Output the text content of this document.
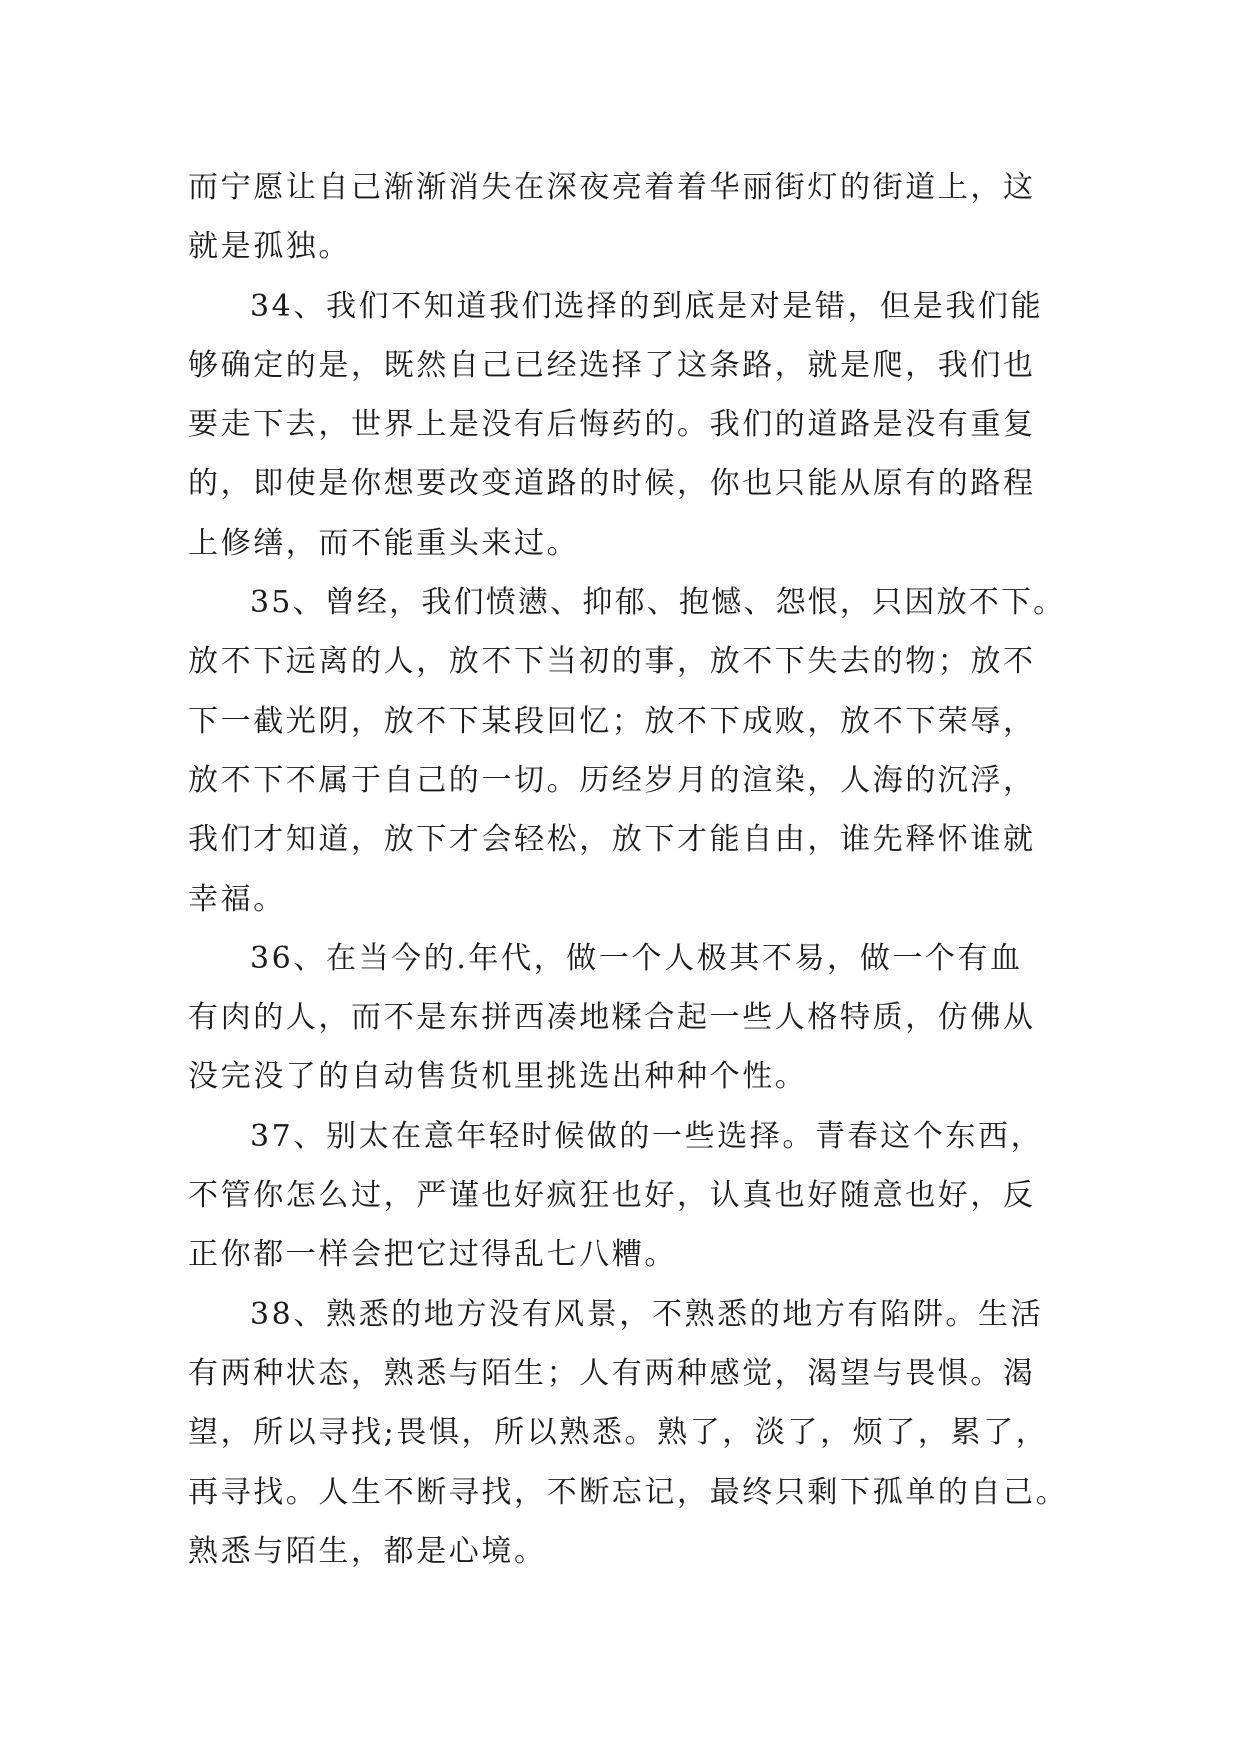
而宁愿让自己渐渐消失在深夜亮着着华丽街灯的街道上，这
就是孤独。
34、我们不知道我们选择的到底是对是错，但是我们能
够确定的是，既然自己已经选择了这条路，就是爬，我们也
要走下去，世界上是没有后悔药的。我们的道路是没有重复
的，即使是你想要改变道路的时候，你也只能从原有的路程
上修缮，而不能重头来过。
35、曾经，我们愤懑、抑郁、抱憾、怨恨，只因放不下。
放不下远离的人，放不下当初的事，放不下失去的物；放不
下一截光阴，放不下某段回忆；放不下成败，放不下荣辱，
放不下不属于自己的一切。历经岁月的渲染，人海的沉浮，
我们才知道，放下才会轻松，放下才能自由，谁先释怀谁就
幸福。
36、在当今的.年代，做一个人极其不易，做一个有血
有肉的人，而不是东拼西凑地糅合起一些人格特质，仿佛从
没完没了的自动售货机里挑选出种种个性。
37、别太在意年轻时候做的一些选择。青春这个东西，
不管你怎么过，严谨也好疯狂也好，认真也好随意也好，反
正你都一样会把它过得乱七八糟。
38、熟悉的地方没有风景，不熟悉的地方有陷阱。生活
有两种状态，熟悉与陌生；人有两种感觉，渴望与畏惧。渴
望，所以寻找;畏惧，所以熟悉。熟了，淡了，烦了，累了，
再寻找。人生不断寻找，不断忘记，最终只剩下孤单的自己。
熟悉与陌生，都是心境。
